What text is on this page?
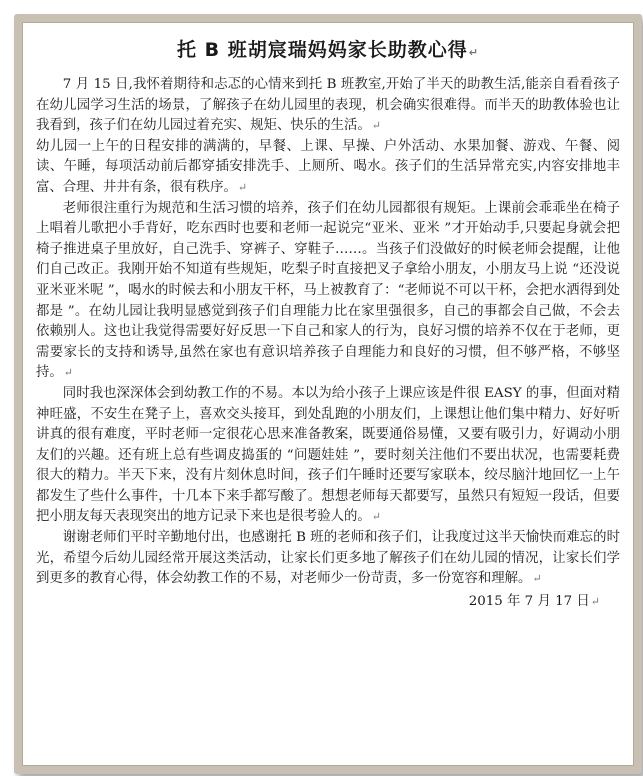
托 B 班胡宸瑞妈妈家长助教心得↵

7 月 15 日,我怀着期待和忐忑的心情来到托 B 班教室,开始了半天的助教生活,能亲自看看孩子在幼儿园学习生活的场景，了解孩子在幼儿园里的表现，机会确实很难得。而半天的助教体验也让我看到，孩子们在幼儿园过着充实、规矩、快乐的生活。↵

幼儿园一上午的日程安排的满满的，早餐、上课、早操、户外活动、水果加餐、游戏、午餐、阅读、午睡，每项活动前后都穿插安排洗手、上厕所、喝水。孩子们的生活异常充实,内容安排地丰富、合理、井井有条，很有秩序。↵

老师很注重行为规范和生活习惯的培养，孩子们在幼儿园都很有规矩。上课前会乖乖坐在椅子上唱着儿歌把小手背好，吃东西时也要和老师一起说完“亚米、亚米 ”才开始动手,只要起身就会把椅子推进桌子里放好，自己洗手、穿裤子、穿鞋子……。当孩子们没做好的时候老师会提醒，让他们自己改正。我刚开始不知道有些规矩，吃梨子时直接把叉子拿给小朋友，小朋友马上说 “还没说亚米亚米呢 ”，喝水的时候去和小朋友干杯，马上被教育了：“老师说不可以干杯，会把水洒得到处都是 ”。在幼儿园让我明显感觉到孩子们自理能力比在家里强很多，自己的事都会自己做，不会去依赖别人。这也让我觉得需要好好反思一下自己和家人的行为，良好习惯的培养不仅在于老师，更需要家长的支持和诱导,虽然在家也有意识培养孩子自理能力和良好的习惯，但不够严格，不够坚持。↵

同时我也深深体会到幼教工作的不易。本以为给小孩子上课应该是件很 EASY 的事，但面对精神旺盛，不安生在凳子上，喜欢交头接耳，到处乱跑的小朋友们，上课想让他们集中精力、好好听讲真的很有难度，平时老师一定很花心思来准备教案，既要通俗易懂，又要有吸引力，好调动小朋友们的兴趣。还有班上总有些调皮捣蛋的 “问题娃娃 ”，要时刻关注他们不要出状况，也需要耗费很大的精力。半天下来，没有片刻休息时间，孩子们午睡时还要写家联本，绞尽脑汁地回忆一上午都发生了些什么事件，十几本下来手都写酸了。想想老师每天都要写，虽然只有短短一段话，但要把小朋友每天表现突出的地方记录下来也是很考验人的。↵

谢谢老师们平时辛勤地付出，也感谢托 B 班的老师和孩子们，让我度过这半天愉快而难忘的时光，希望今后幼儿园经常开展这类活动，让家长们更多地了解孩子们在幼儿园的情况，让家长们学到更多的教育心得，体会幼教工作的不易，对老师少一份苛责，多一份宽容和理解。↵

2015 年 7 月 17 日↵
